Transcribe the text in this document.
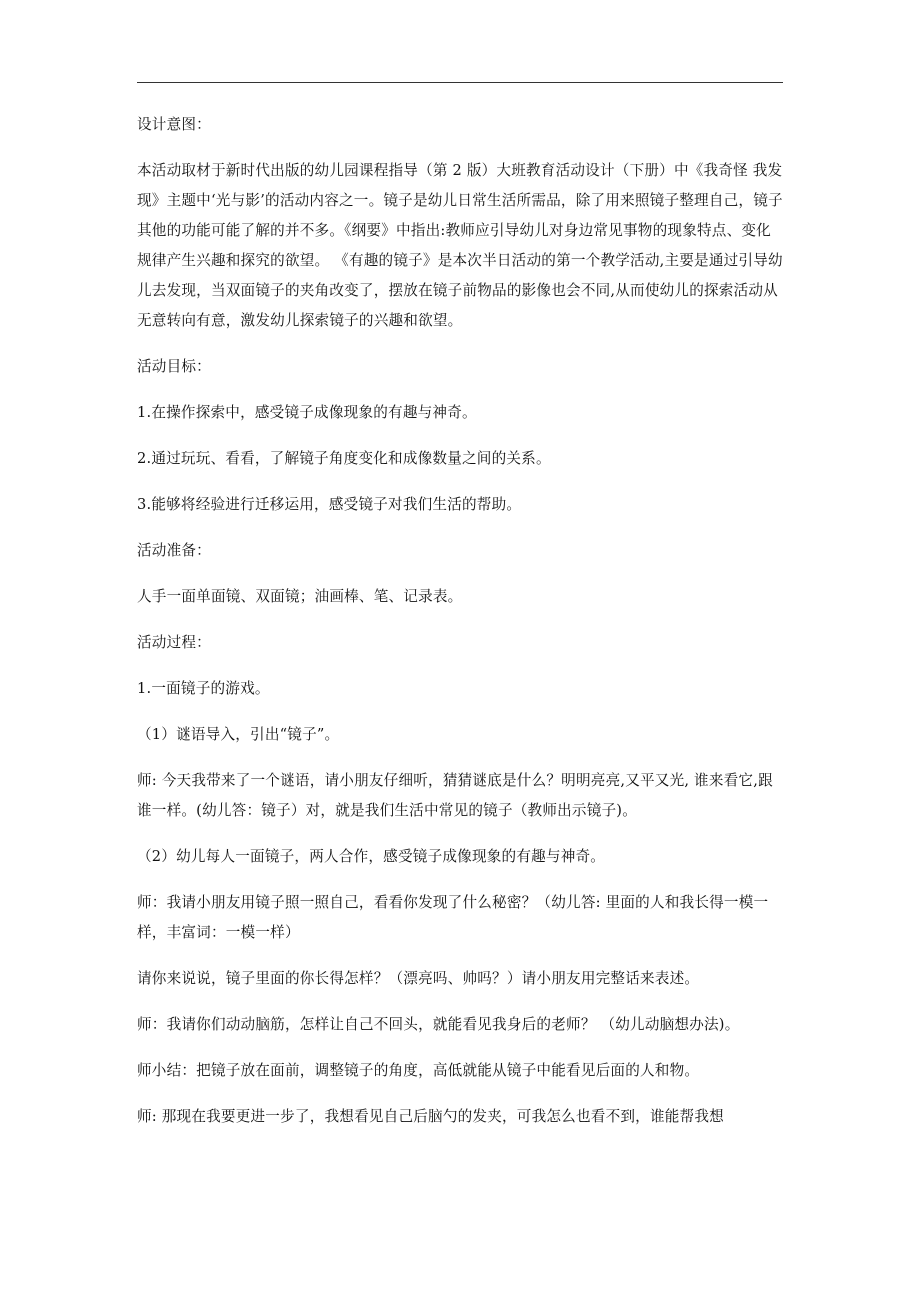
设计意图：

本活动取材于新时代出版的幼儿园课程指导（第 2 版）大班教育活动设计（下册）中《我奇怪 我发现》主题中‘光与影’的活动内容之一。镜子是幼儿日常生活所需品，除了用来照镜子整理自己，镜子其他的功能可能了解的并不多。《纲要》中指出:教师应引导幼儿对身边常见事物的现象特点、变化规律产生兴趣和探究的欲望。 《有趣的镜子》是本次半日活动的第一个教学活动,主要是通过引导幼儿去发现，当双面镜子的夹角改变了，摆放在镜子前物品的影像也会不同,从而使幼儿的探索活动从无意转向有意，激发幼儿探索镜子的兴趣和欲望。

活动目标：

1.在操作探索中，感受镜子成像现象的有趣与神奇。

2.通过玩玩、看看，了解镜子角度变化和成像数量之间的关系。

3.能够将经验进行迁移运用，感受镜子对我们生活的帮助。

活动准备：

人手一面单面镜、双面镜；油画棒、笔、记录表。

活动过程：

1.一面镜子的游戏。

（1）谜语导入，引出“镜子”。

师: 今天我带来了一个谜语，请小朋友仔细听，猜猜谜底是什么？明明亮亮,又平又光, 谁来看它,跟谁一样。(幼儿答：镜子）对，就是我们生活中常见的镜子（教师出示镜子)。

（2）幼儿每人一面镜子，两人合作，感受镜子成像现象的有趣与神奇。

师：我请小朋友用镜子照一照自己，看看你发现了什么秘密？（幼儿答: 里面的人和我长得一模一样，丰富词：一模一样）

请你来说说，镜子里面的你长得怎样？（漂亮吗、帅吗？）请小朋友用完整话来表述。

师：我请你们动动脑筋，怎样让自己不回头，就能看见我身后的老师？ （幼儿动脑想办法)。

师小结：把镜子放在面前，调整镜子的角度，高低就能从镜子中能看见后面的人和物。

师: 那现在我要更进一步了，我想看见自己后脑勺的发夹，可我怎么也看不到，谁能帮我想
